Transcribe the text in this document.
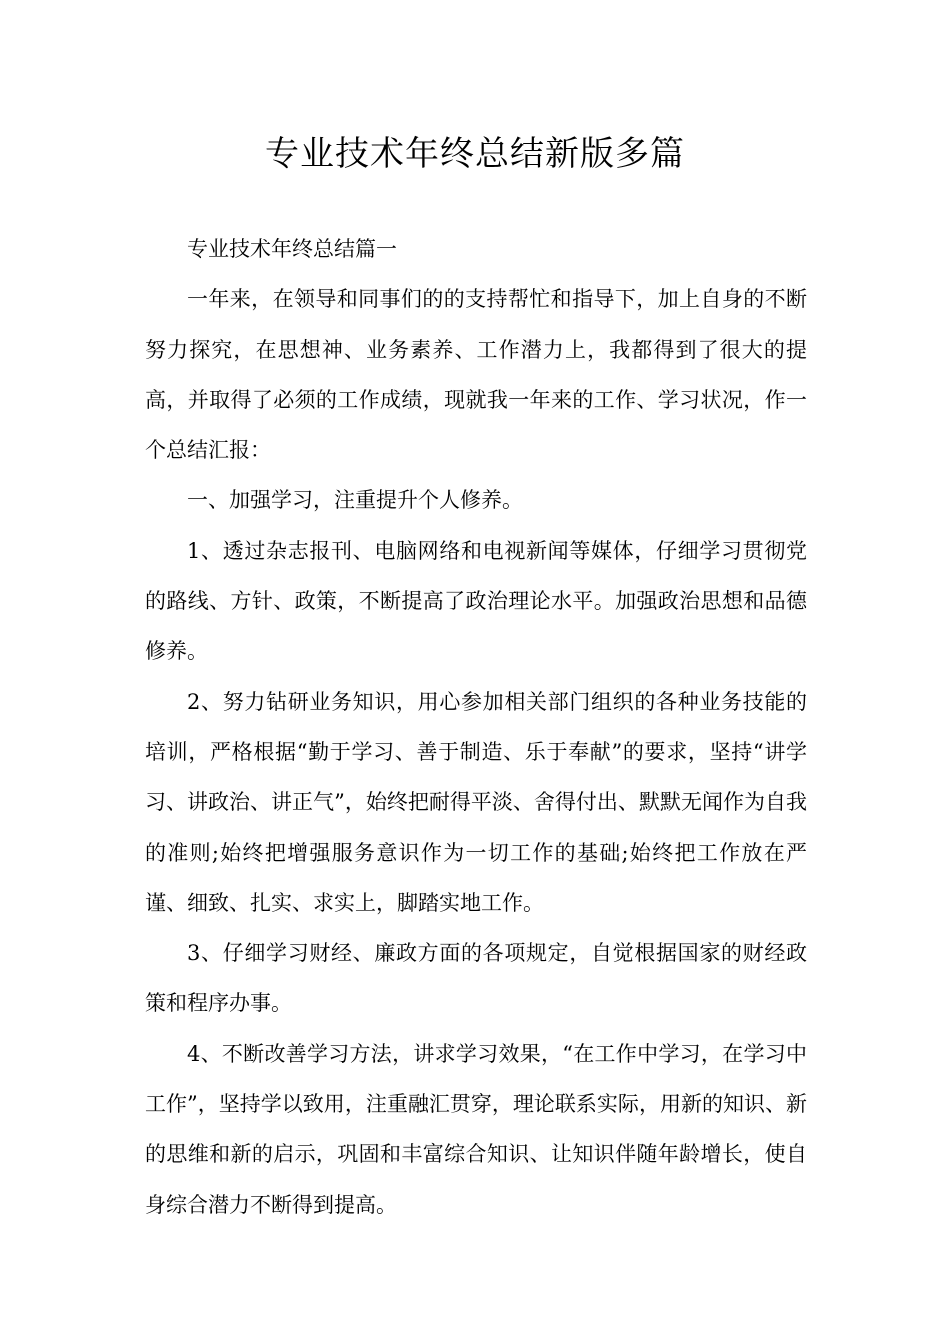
专业技术年终总结新版多篇

专业技术年终总结篇一

一年来，在领导和同事们的的支持帮忙和指导下，加上自身的不断努力探究，在思想神、业务素养、工作潜力上，我都得到了很大的提高，并取得了必须的工作成绩，现就我一年来的工作、学习状况，作一个总结汇报：

一、加强学习，注重提升个人修养。

1、透过杂志报刊、电脑网络和电视新闻等媒体，仔细学习贯彻党的路线、方针、政策，不断提高了政治理论水平。加强政治思想和品德修养。

2、努力钻研业务知识，用心参加相关部门组织的各种业务技能的培训，严格根据“勤于学习、善于制造、乐于奉献”的要求，坚持“讲学习、讲政治、讲正气”，始终把耐得平淡、舍得付出、默默无闻作为自我的准则;始终把增强服务意识作为一切工作的基础;始终把工作放在严谨、细致、扎实、求实上，脚踏实地工作。

3、仔细学习财经、廉政方面的各项规定，自觉根据国家的财经政策和程序办事。

4、不断改善学习方法，讲求学习效果，“在工作中学习，在学习中工作”，坚持学以致用，注重融汇贯穿，理论联系实际，用新的知识、新的思维和新的启示，巩固和丰富综合知识、让知识伴随年龄增长，使自身综合潜力不断得到提高。
